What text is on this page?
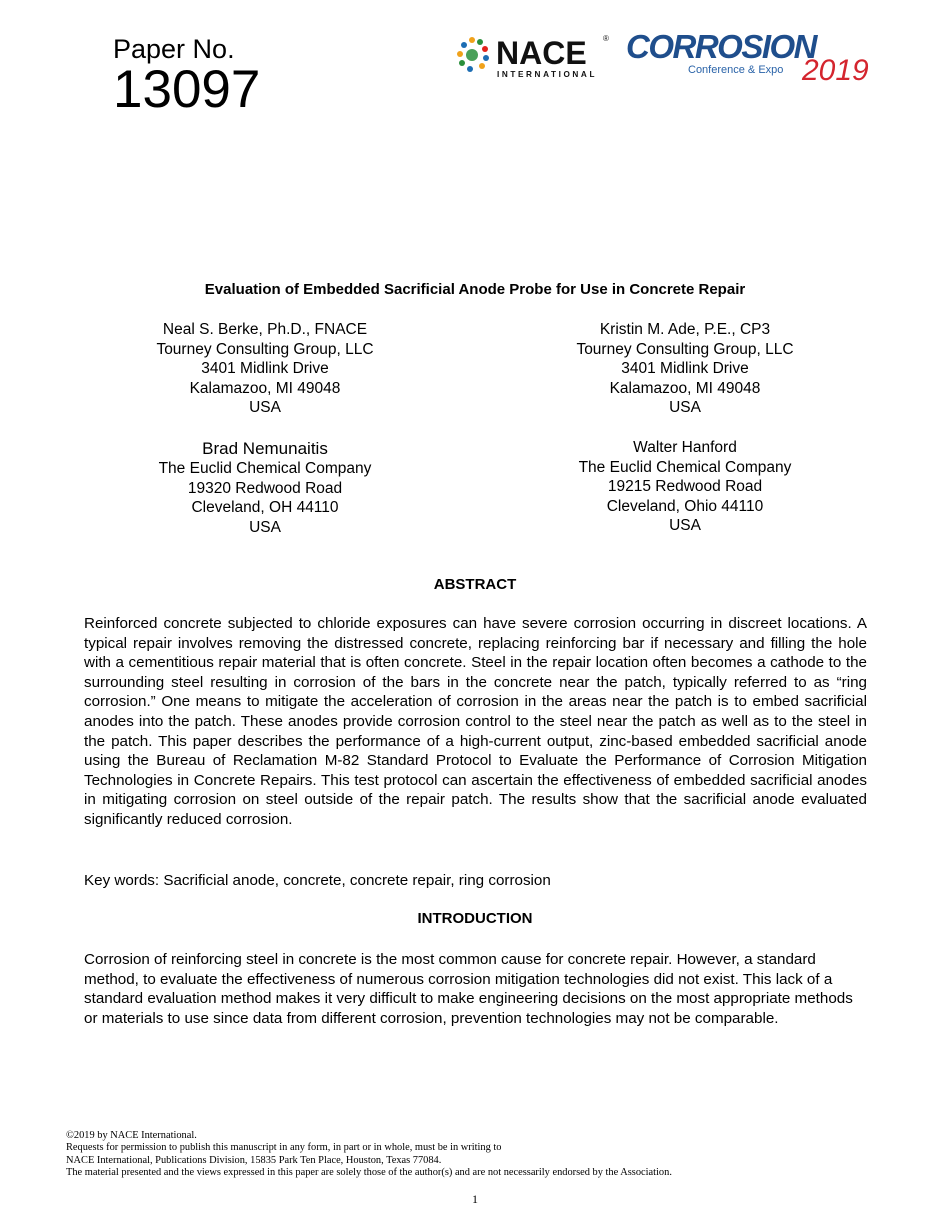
Paper No.
13097
NACE ®
INTERNATIONAL
CORROSION
Conference & Expo 2019
Evaluation of Embedded Sacrificial Anode Probe for Use in Concrete Repair
Neal S. Berke, Ph.D., FNACE
Tourney Consulting Group, LLC
3401 Midlink Drive
Kalamazoo, MI 49048
USA
Kristin M. Ade, P.E., CP3
Tourney Consulting Group, LLC
3401 Midlink Drive
Kalamazoo, MI 49048
USA
Brad Nemunaitis
The Euclid Chemical Company
19320 Redwood Road
Cleveland, OH 44110
USA
Walter Hanford
The Euclid Chemical Company
19215 Redwood Road
Cleveland, Ohio 44110
USA
ABSTRACT
Reinforced concrete subjected to chloride exposures can have severe corrosion occurring in discreet locations. A typical repair involves removing the distressed concrete, replacing reinforcing bar if necessary and filling the hole with a cementitious repair material that is often concrete. Steel in the repair location often becomes a cathode to the surrounding steel resulting in corrosion of the bars in the concrete near the patch, typically referred to as “ring corrosion.” One means to mitigate the acceleration of corrosion in the areas near the patch is to embed sacrificial anodes into the patch. These anodes provide corrosion control to the steel near the patch as well as to the steel in the patch. This paper describes the performance of a high-current output, zinc-based embedded sacrificial anode using the Bureau of Reclamation M-82 Standard Protocol to Evaluate the Performance of Corrosion Mitigation Technologies in Concrete Repairs. This test protocol can ascertain the effectiveness of embedded sacrificial anodes in mitigating corrosion on steel outside of the repair patch. The results show that the sacrificial anode evaluated significantly reduced corrosion.
Key words: Sacrificial anode, concrete, concrete repair, ring corrosion
INTRODUCTION
Corrosion of reinforcing steel in concrete is the most common cause for concrete repair. However, a standard method, to evaluate the effectiveness of numerous corrosion mitigation technologies did not exist. This lack of a standard evaluation method makes it very difficult to make engineering decisions on the most appropriate methods or materials to use since data from different corrosion, prevention technologies may not be comparable.
©2019 by NACE International.
Requests for permission to publish this manuscript in any form, in part or in whole, must be in writing to
NACE International, Publications Division, 15835 Park Ten Place, Houston, Texas 77084.
The material presented and the views expressed in this paper are solely those of the author(s) and are not necessarily endorsed by the Association.
1
